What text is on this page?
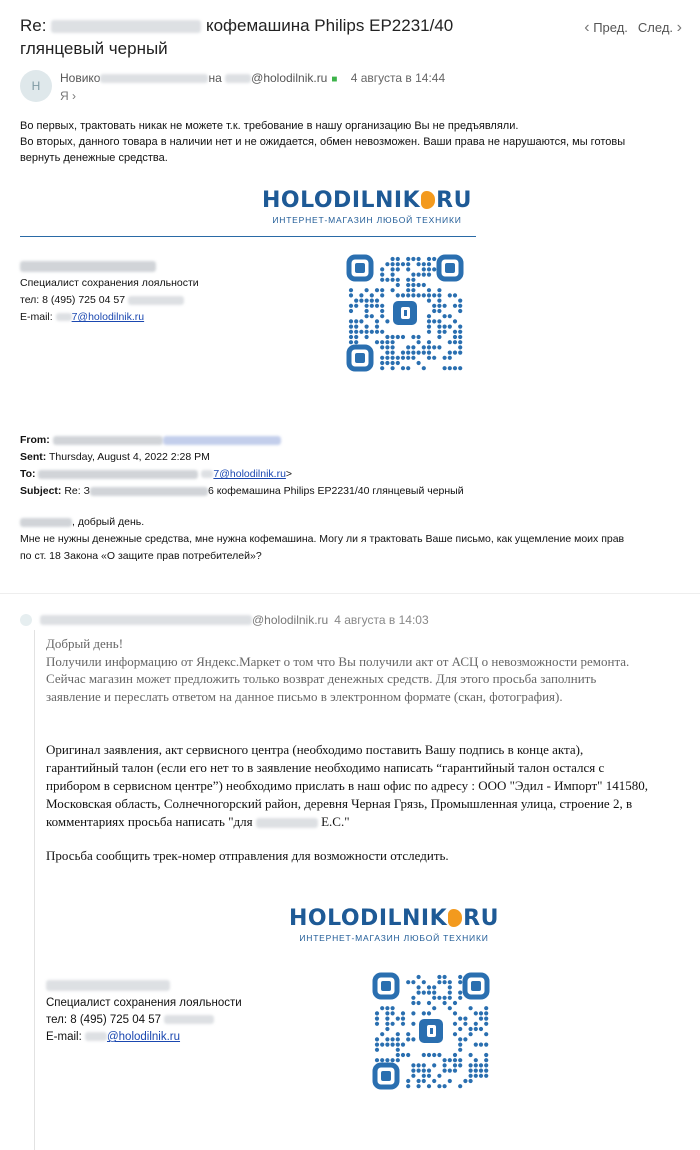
Re:	кофемашина Philips EP2231/40
глянцевый черный
‹ Пред. След. ›
Н
Новико	на @holodilnik.ru ■ 4 августа в 14:44
Я ›
Во первых, трактовать никак не можете т.к. требование в нашу организацию Вы не предъявляли.
Во вторых, данного товара в наличии нет и не ожидается, обмен невозможен. Ваши права не нарушаются, мы готовы
вернуть денежные средства.
HOLODILNIK RU
ИНТЕРНЕТ-МАГАЗИН ЛЮБОЙ ТЕХНИКИ
Специалист сохранения лояльности
тел: 8 (495) 725 04 57
E-mail: 7@holodilnik.ru
From:
Sent: Thursday, August 4, 2022 2:28 PM
To:	7@holodilnik.ru>
Subject: Re: З	6 кофемашина Philips EP2231/40 глянцевый черный
, добрый день.
Мне не нужны денежные средства, мне нужна кофемашина. Могу ли я трактовать Ваше письмо, как ущемление моих прав
по ст. 18 Закона «О защите прав потребителей»?
@holodilnik.ru 4 августа в 14:03
Добрый день!
Получили информацию от Яндекс.Маркет о том что Вы получили акт от АСЦ о невозможности ремонта.
Сейчас магазин может предложить только возврат денежных средств. Для этого просьба заполнить
заявление и переслать ответом на данное письмо в электронном формате (скан, фотография).
Оригинал заявления, акт сервисного центра (необходимо поставить Вашу подпись в конце акта),
гарантийный талон (если его нет то в заявление необходимо написать “гарантийный талон остался с
прибором в сервисном центре”) необходимо прислать в наш офис по адресу : ООО "Эдил - Импорт" 141580,
Московская область, Солнечногорский район, деревня Черная Грязь, Промышленная улица, строение 2, в
комментариях просьба написать "для	Е.С."
Просьба сообщить трек-номер отправления для возможности отследить.
HOLODILNIK RU
ИНТЕРНЕТ-МАГАЗИН ЛЮБОЙ ТЕХНИКИ
Специалист сохранения лояльности
тел: 8 (495) 725 04 57
E-mail: @holodilnik.ru
